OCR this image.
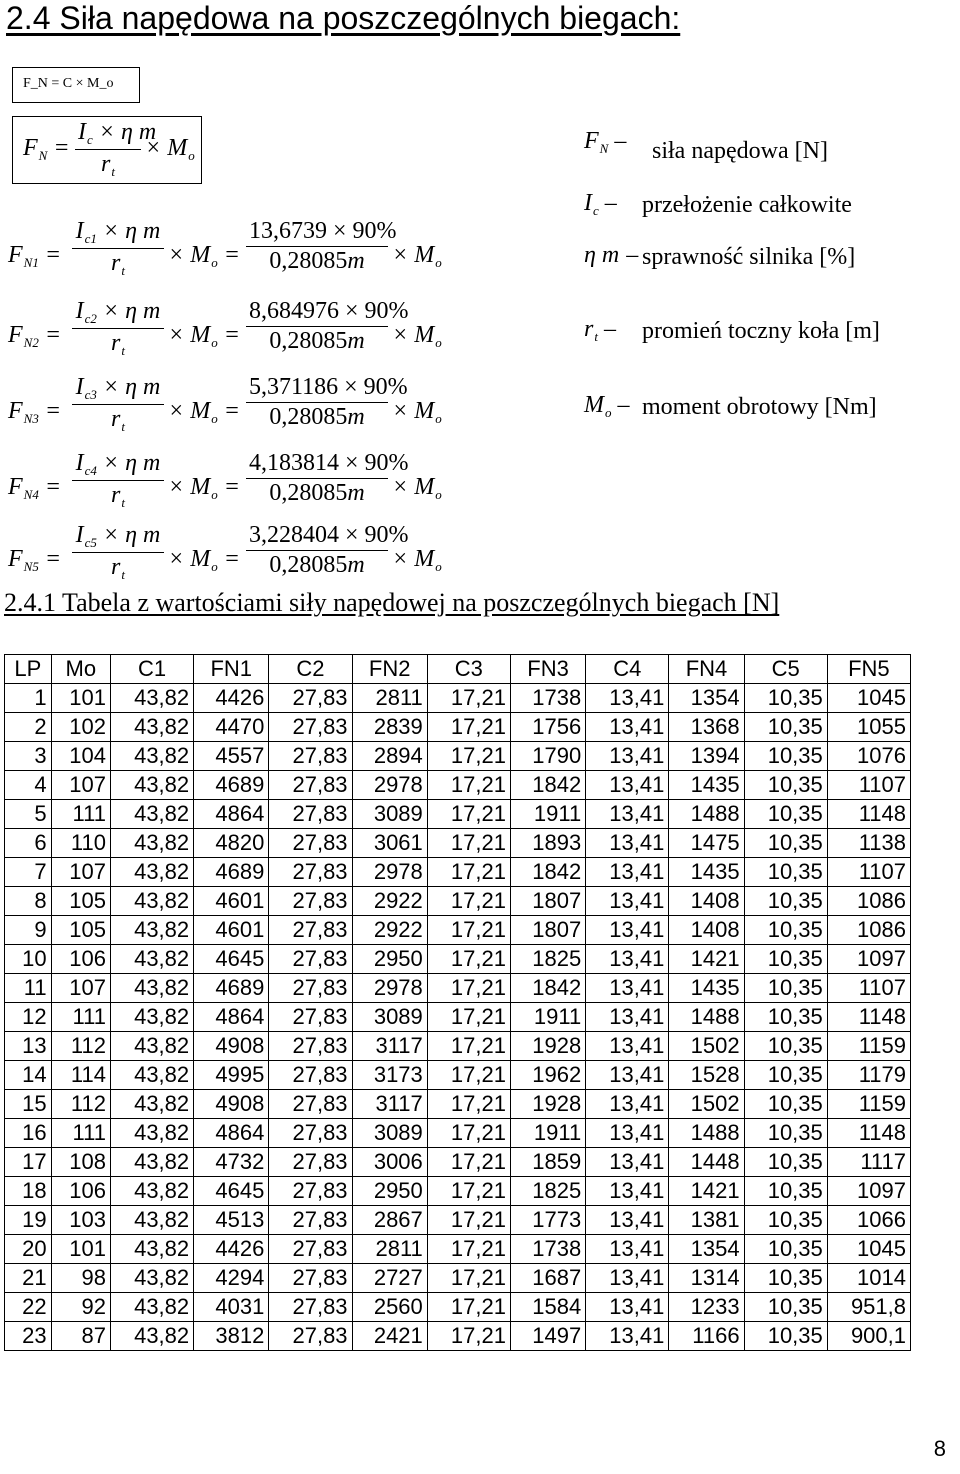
2.4 Siła napędowa na poszczególnych biegach:
F_N = C × M_o
$F_N = \frac{I_c \times \eta m}{r_t} \times M_o$
$F_{N1} = \frac{I_{c1} \times \eta m}{r_t} \times M_o = \frac{13,6739 \times 90\%}{0,28085m} \times M_o$
$F_{N2} = \frac{I_{c2} \times \eta m}{r_t} \times M_o = \frac{8,684976 \times 90\%}{0,28085m} \times M_o$
$F_{N3} = \frac{I_{c3} \times \eta m}{r_t} \times M_o = \frac{5,371186 \times 90\%}{0,28085m} \times M_o$
$F_{N4} = \frac{I_{c4} \times \eta m}{r_t} \times M_o = \frac{4,183814 \times 90\%}{0,28085m} \times M_o$
$F_{N5} = \frac{I_{c5} \times \eta m}{r_t} \times M_o = \frac{3,228404 \times 90\%}{0,28085m} \times M_o$
$F_N$ – siła napędowa [N]
$I_c$ – przełożenie całkowite
η m – sprawność silnika [%]
$r_t$ – promień toczny koła [m]
$M_o$ – moment obrotowy [Nm]
2.4.1 Tabela z wartościami siły napędowej na poszczególnych biegach [N]
LP	Mo	C1	FN1	C2	FN2	C3	FN3	C4	FN4	C5	FN5
1	101	43,82	4426	27,83	2811	17,21	1738	13,41	1354	10,35	1045
2	102	43,82	4470	27,83	2839	17,21	1756	13,41	1368	10,35	1055
3	104	43,82	4557	27,83	2894	17,21	1790	13,41	1394	10,35	1076
4	107	43,82	4689	27,83	2978	17,21	1842	13,41	1435	10,35	1107
5	111	43,82	4864	27,83	3089	17,21	1911	13,41	1488	10,35	1148
6	110	43,82	4820	27,83	3061	17,21	1893	13,41	1475	10,35	1138
7	107	43,82	4689	27,83	2978	17,21	1842	13,41	1435	10,35	1107
8	105	43,82	4601	27,83	2922	17,21	1807	13,41	1408	10,35	1086
9	105	43,82	4601	27,83	2922	17,21	1807	13,41	1408	10,35	1086
10	106	43,82	4645	27,83	2950	17,21	1825	13,41	1421	10,35	1097
11	107	43,82	4689	27,83	2978	17,21	1842	13,41	1435	10,35	1107
12	111	43,82	4864	27,83	3089	17,21	1911	13,41	1488	10,35	1148
13	112	43,82	4908	27,83	3117	17,21	1928	13,41	1502	10,35	1159
14	114	43,82	4995	27,83	3173	17,21	1962	13,41	1528	10,35	1179
15	112	43,82	4908	27,83	3117	17,21	1928	13,41	1502	10,35	1159
16	111	43,82	4864	27,83	3089	17,21	1911	13,41	1488	10,35	1148
17	108	43,82	4732	27,83	3006	17,21	1859	13,41	1448	10,35	1117
18	106	43,82	4645	27,83	2950	17,21	1825	13,41	1421	10,35	1097
19	103	43,82	4513	27,83	2867	17,21	1773	13,41	1381	10,35	1066
20	101	43,82	4426	27,83	2811	17,21	1738	13,41	1354	10,35	1045
21	98	43,82	4294	27,83	2727	17,21	1687	13,41	1314	10,35	1014
22	92	43,82	4031	27,83	2560	17,21	1584	13,41	1233	10,35	951,8
23	87	43,82	3812	27,83	2421	17,21	1497	13,41	1166	10,35	900,1
8
